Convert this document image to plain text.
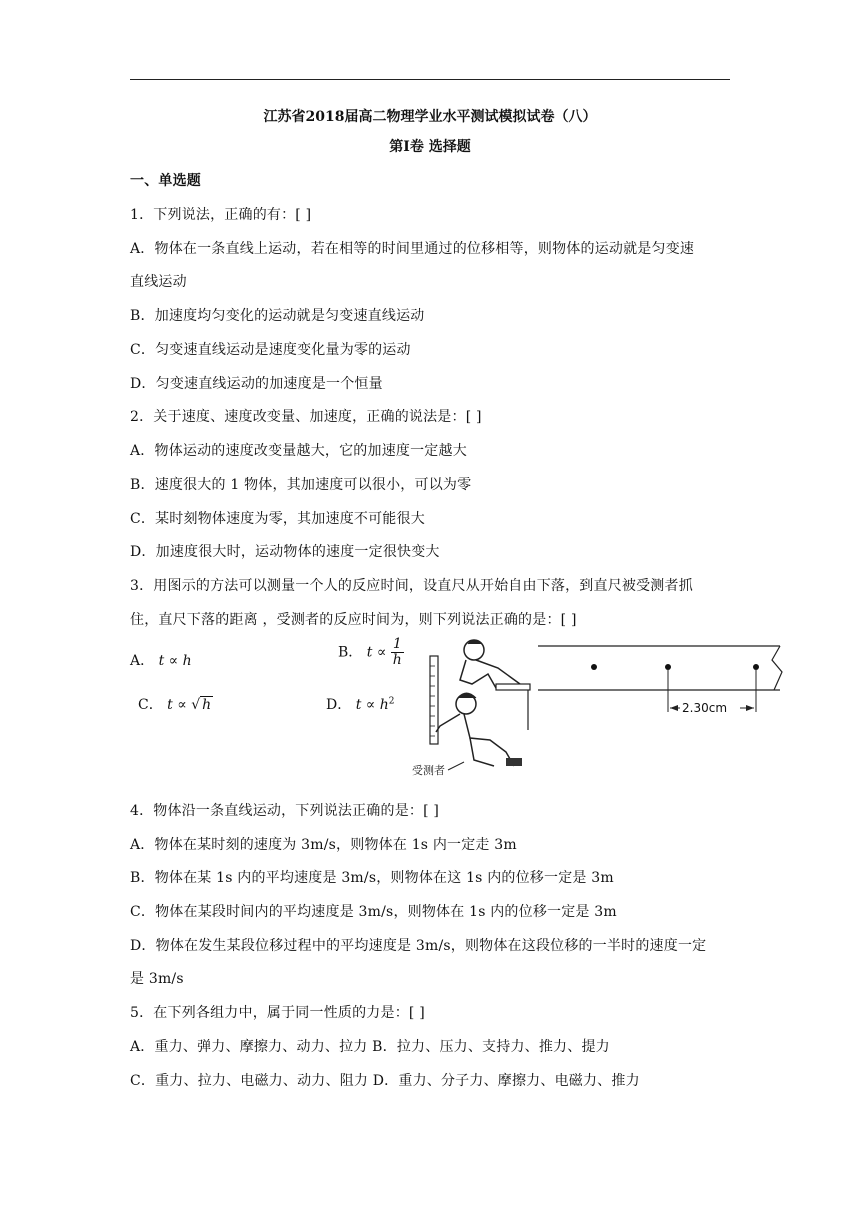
江苏省2018届高二物理学业水平测试模拟试卷（八）
第Ⅰ卷 选择题
一、单选题
1．下列说法，正确的有：[ ]
A．物体在一条直线上运动，若在相等的时间里通过的位移相等，则物体的运动就是匀变速
直线运动
B．加速度均匀变化的运动就是匀变速直线运动
C．匀变速直线运动是速度变化量为零的运动
D．匀变速直线运动的加速度是一个恒量
2．关于速度、速度改变量、加速度，正确的说法是：[ ]
A．物体运动的速度改变量越大，它的加速度一定越大
B．速度很大的 1 物体，其加速度可以很小，可以为零
C．某时刻物体速度为零，其加速度不可能很大
D．加速度很大时，运动物体的速度一定很快变大
3．用图示的方法可以测量一个人的反应时间，设直尺从开始自由下落，到直尺被受测者抓
住，直尺下落的距离 ，受测者的反应时间为，则下列说法正确的是：[ ]
A． t ∝ h
B． $t \propto \frac{1}{h}$
C． t ∝ √ h	D． $t \propto h^2$
受测者
2.30cm
4．物体沿一条直线运动，下列说法正确的是：[ ]
A．物体在某时刻的速度为 3m/s，则物体在 1s 内一定走 3m
B．物体在某 1s 内的平均速度是 3m/s，则物体在这 1s 内的位移一定是 3m
C．物体在某段时间内的平均速度是 3m/s，则物体在 1s 内的位移一定是 3m
D．物体在发生某段位移过程中的平均速度是 3m/s，则物体在这段位移的一半时的速度一定
是 3m/s
5．在下列各组力中，属于同一性质的力是：[ ]
A．重力、弹力、摩擦力、动力、拉力 B．拉力、压力、支持力、推力、提力
C．重力、拉力、电磁力、动力、阻力 D．重力、分子力、摩擦力、电磁力、推力
